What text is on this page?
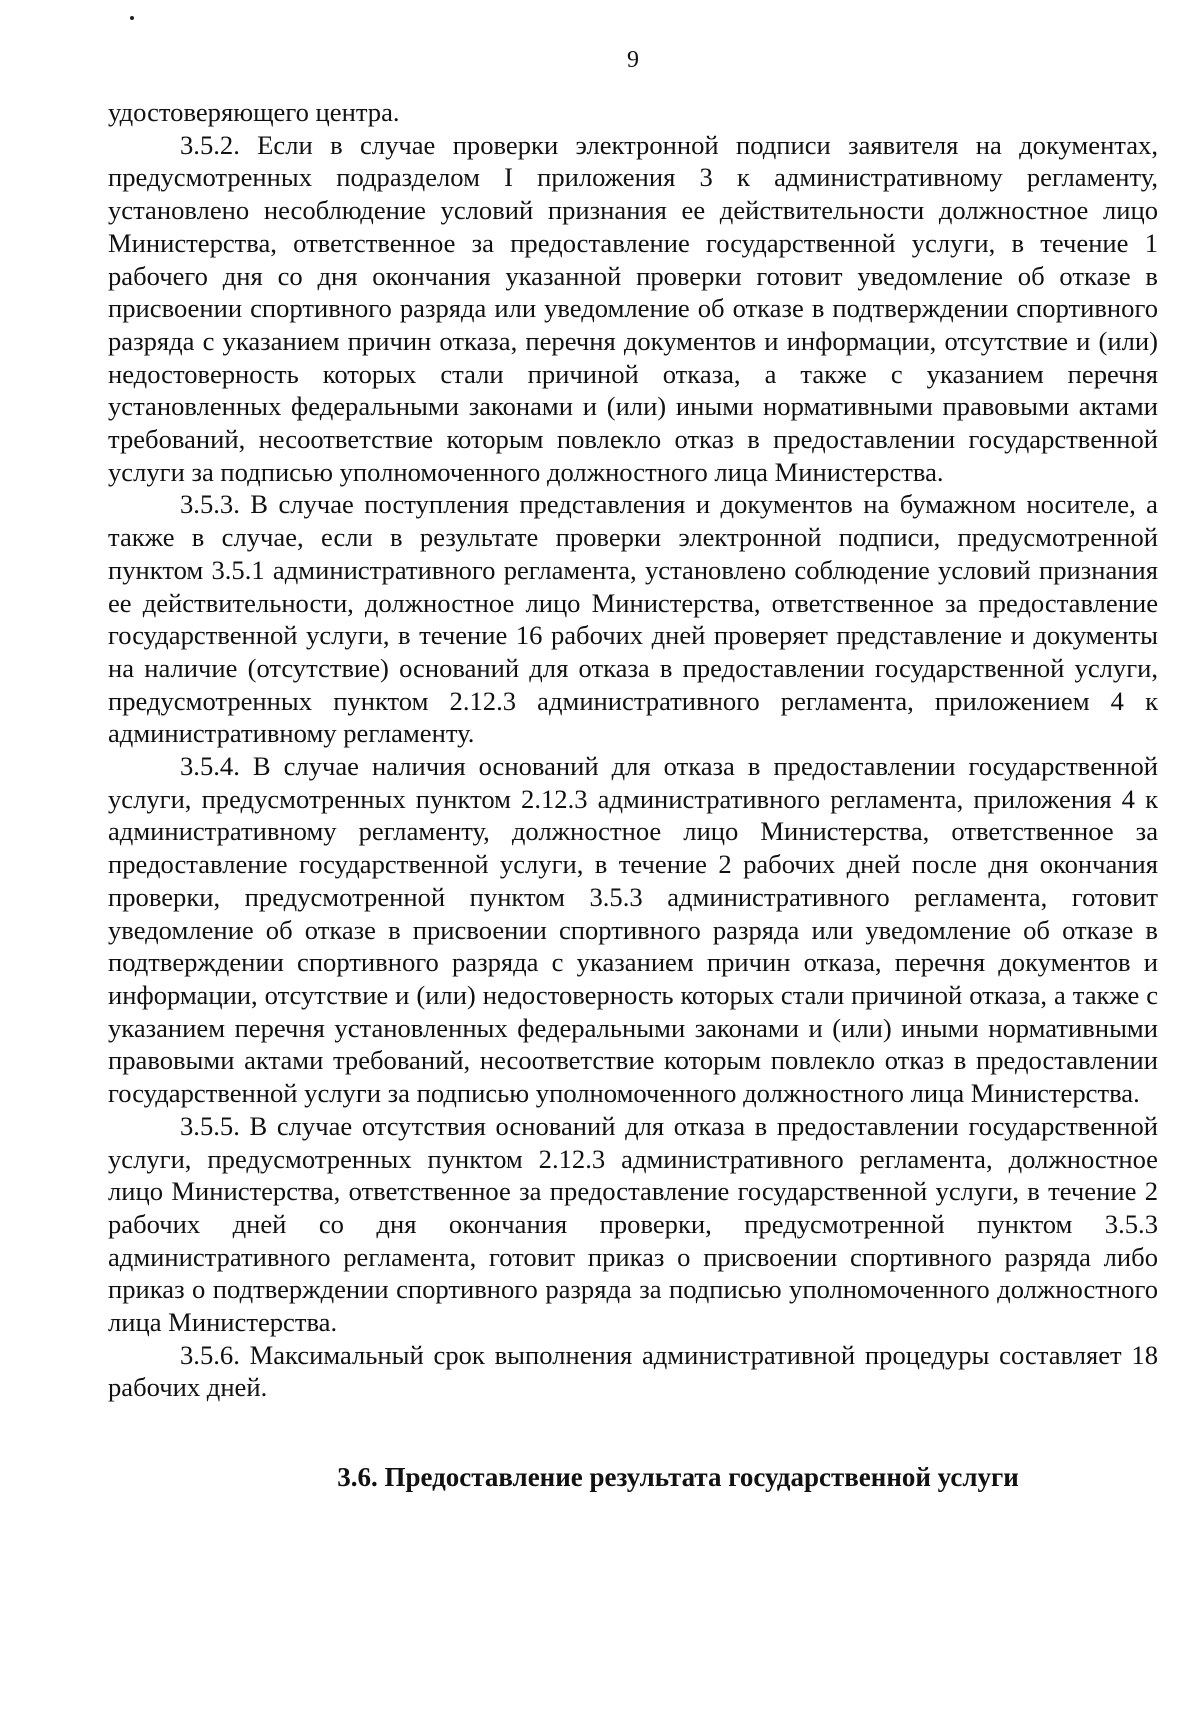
9

удостоверяющего центра.

3.5.2. Если в случае проверки электронной подписи заявителя на документах, предусмотренных подразделом I приложения 3 к административному регламенту, установлено несоблюдение условий признания ее действительности должностное лицо Министерства, ответственное за предоставление государственной услуги, в течение 1 рабочего дня со дня окончания указанной проверки готовит уведомление об отказе в присвоении спортивного разряда или уведомление об отказе в подтверждении спортивного разряда с указанием причин отказа, перечня документов и информации, отсутствие и (или) недостоверность которых стали причиной отказа, а также с указанием перечня установленных федеральными законами и (или) иными нормативными правовыми актами требований, несоответствие которым повлекло отказ в предоставлении государственной услуги за подписью уполномоченного должностного лица Министерства.

3.5.3. В случае поступления представления и документов на бумажном носителе, а также в случае, если в результате проверки электронной подписи, предусмотренной пунктом 3.5.1 административного регламента, установлено соблюдение условий признания ее действительности, должностное лицо Министерства, ответственное за предоставление государственной услуги, в течение 16 рабочих дней проверяет представление и документы на наличие (отсутствие) оснований для отказа в предоставлении государственной услуги, предусмотренных пунктом 2.12.3 административного регламента, приложением 4 к административному регламенту.

3.5.4. В случае наличия оснований для отказа в предоставлении государственной услуги, предусмотренных пунктом 2.12.3 административного регламента, приложения 4 к административному регламенту, должностное лицо Министерства, ответственное за предоставление государственной услуги, в течение 2 рабочих дней после дня окончания проверки, предусмотренной пунктом 3.5.3 административного регламента, готовит уведомление об отказе в присвоении спортивного разряда или уведомление об отказе в подтверждении спортивного разряда с указанием причин отказа, перечня документов и информации, отсутствие и (или) недостоверность которых стали причиной отказа, а также с указанием перечня установленных федеральными законами и (или) иными нормативными правовыми актами требований, несоответствие которым повлекло отказ в предоставлении государственной услуги за подписью уполномоченного должностного лица Министерства.

3.5.5. В случае отсутствия оснований для отказа в предоставлении государственной услуги, предусмотренных пунктом 2.12.3 административного регламента, должностное лицо Министерства, ответственное за предоставление государственной услуги, в течение 2 рабочих дней со дня окончания проверки, предусмотренной пунктом 3.5.3 административного регламента, готовит приказ о присвоении спортивного разряда либо приказ о подтверждении спортивного разряда за подписью уполномоченного должностного лица Министерства.

3.5.6. Максимальный срок выполнения административной процедуры составляет 18 рабочих дней.

3.6. Предоставление результата государственной услуги
